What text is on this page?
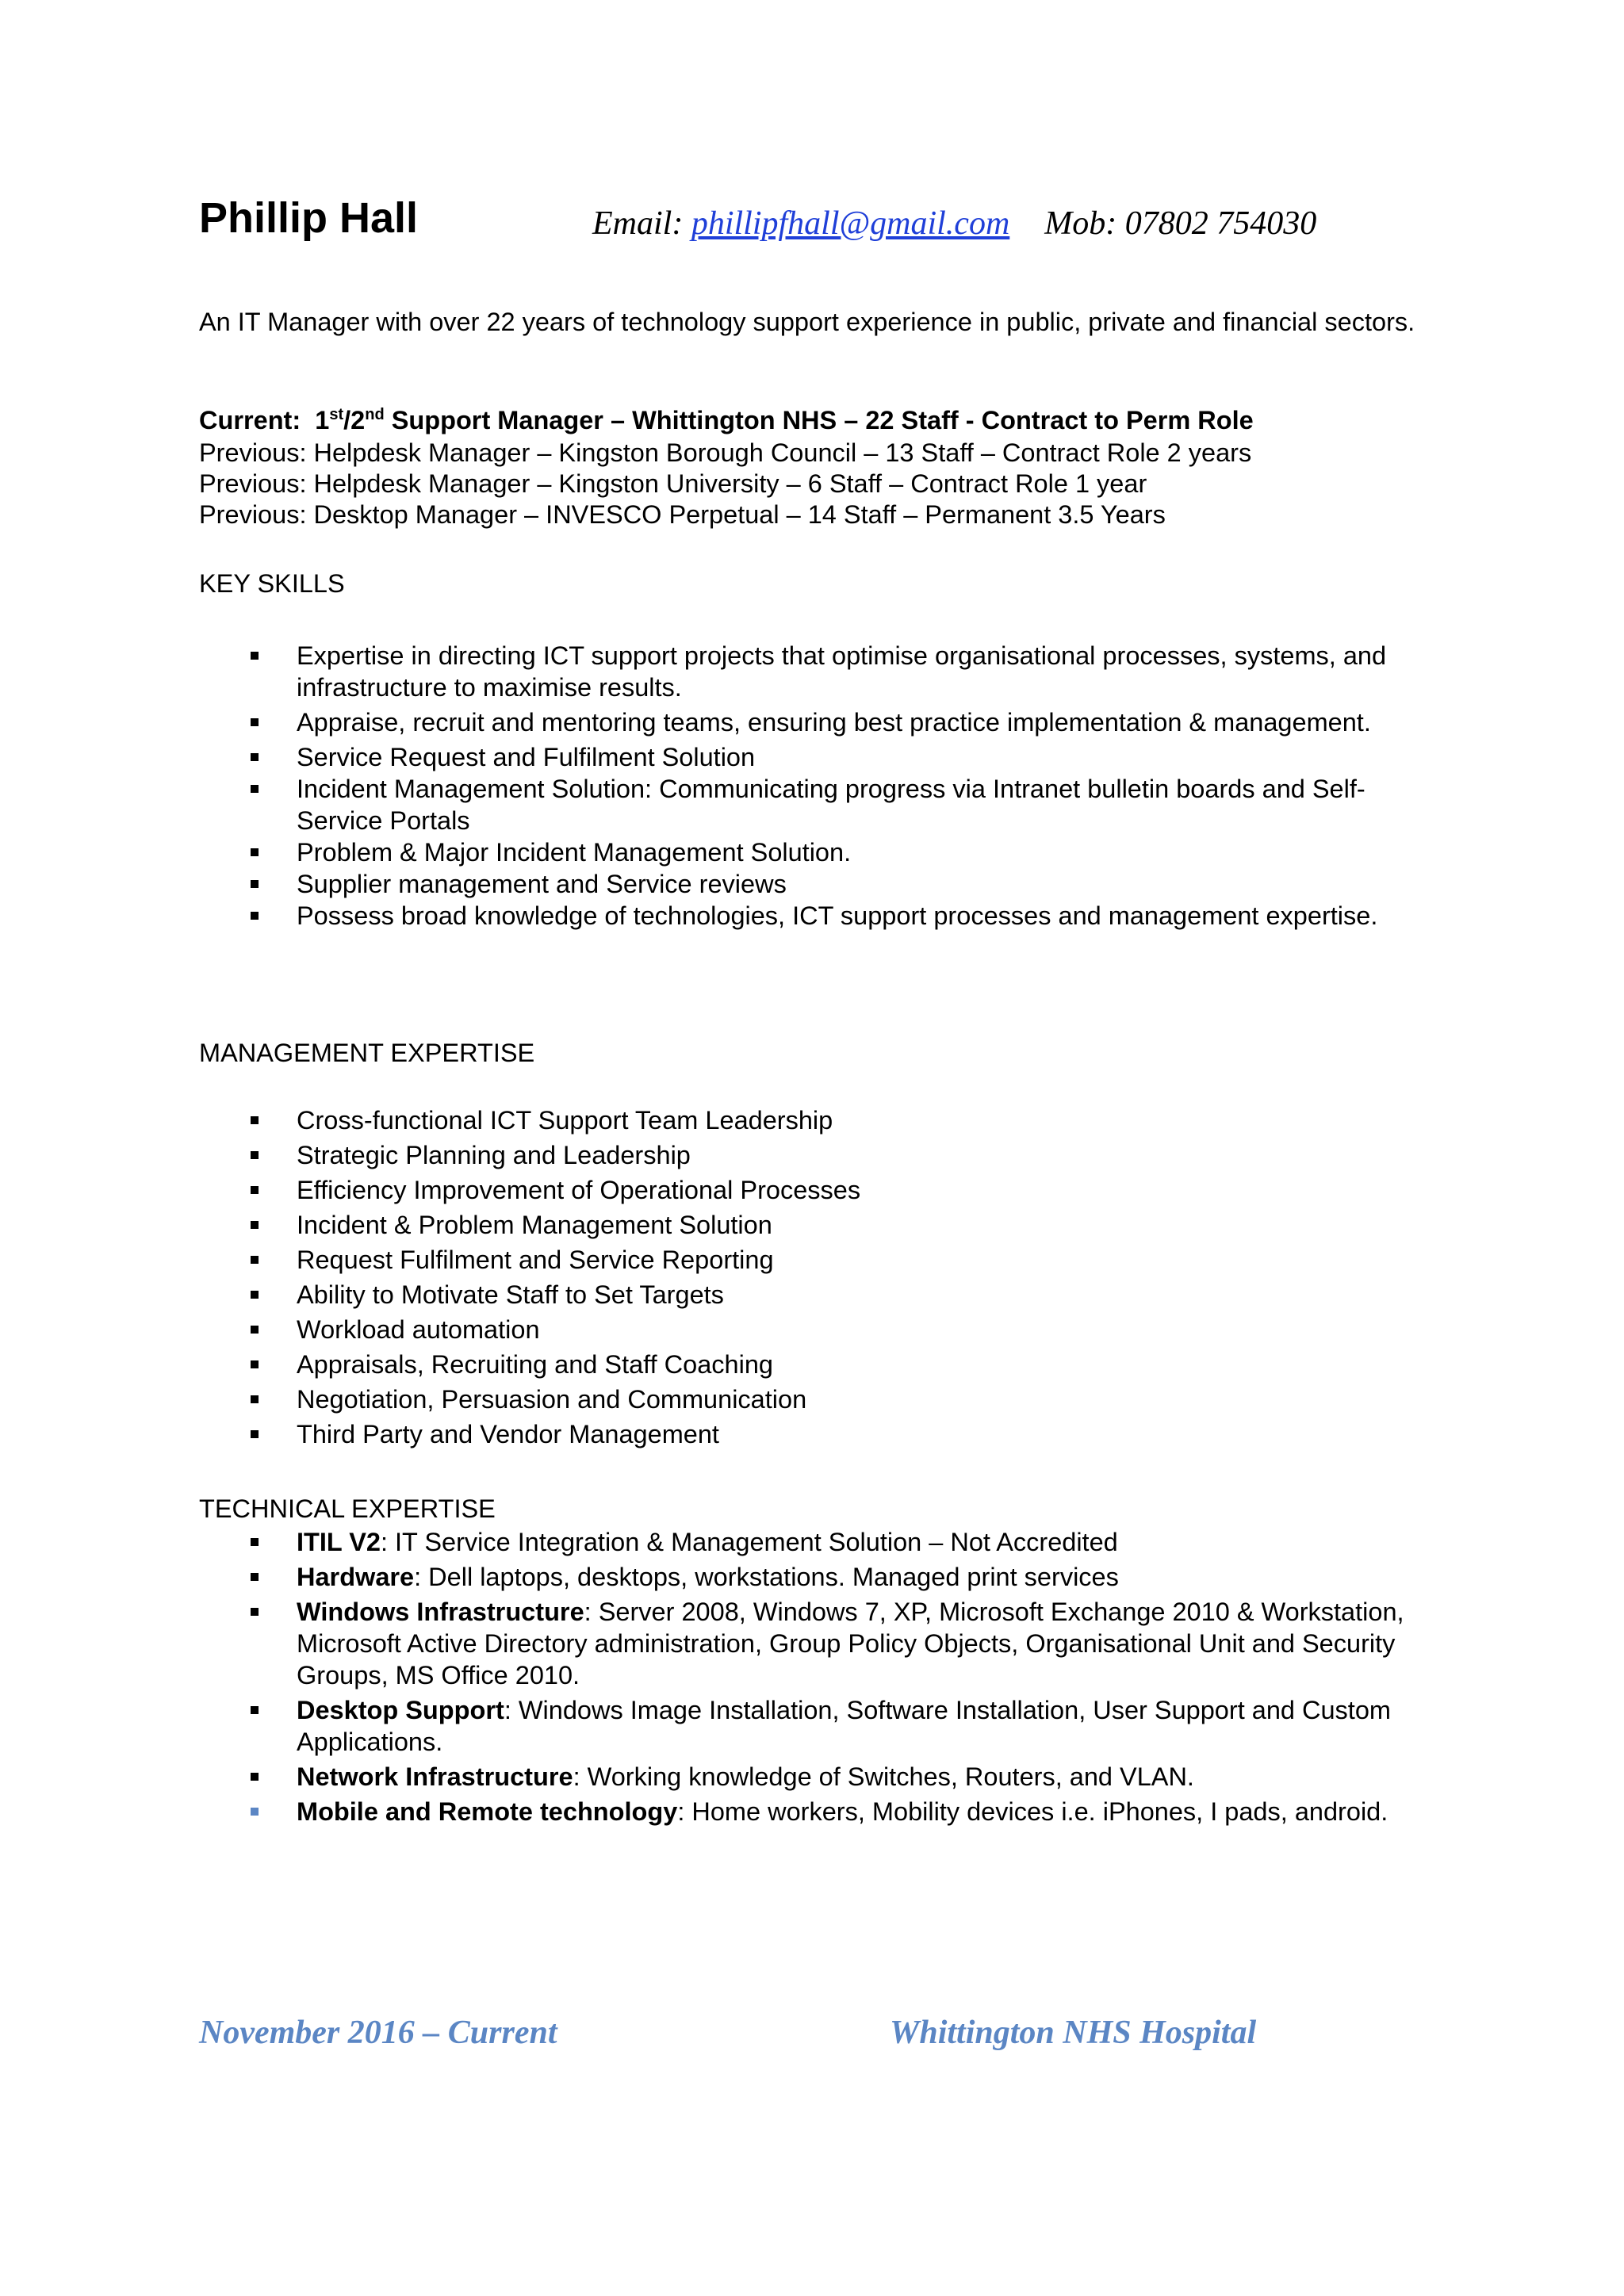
Phillip Hall	Email: phillipfhall@gmail.com Mob: 07802 754030
An IT Manager with over 22 years of technology support experience in public, private and financial sectors.
Current: 1st/2nd Support Manager – Whittington NHS – 22 Staff - Contract to Perm Role
Previous: Helpdesk Manager – Kingston Borough Council – 13 Staff – Contract Role 2 years
Previous: Helpdesk Manager – Kingston University – 6 Staff – Contract Role 1 year
Previous: Desktop Manager – INVESCO Perpetual – 14 Staff – Permanent 3.5 Years
KEY SKILLS
Expertise in directing ICT support projects that optimise organisational processes, systems, and infrastructure to maximise results.
Appraise, recruit and mentoring teams, ensuring best practice implementation & management.
Service Request and Fulfilment Solution
Incident Management Solution: Communicating progress via Intranet bulletin boards and Self-Service Portals
Problem & Major Incident Management Solution.
Supplier management and Service reviews
Possess broad knowledge of technologies, ICT support processes and management expertise.
MANAGEMENT EXPERTISE
Cross-functional ICT Support Team Leadership
Strategic Planning and Leadership
Efficiency Improvement of Operational Processes
Incident & Problem Management Solution
Request Fulfilment and Service Reporting
Ability to Motivate Staff to Set Targets
Workload automation
Appraisals, Recruiting and Staff Coaching
Negotiation, Persuasion and Communication
Third Party and Vendor Management
TECHNICAL EXPERTISE
ITIL V2: IT Service Integration & Management Solution – Not Accredited
Hardware: Dell laptops, desktops, workstations. Managed print services
Windows Infrastructure: Server 2008, Windows 7, XP, Microsoft Exchange 2010 & Workstation, Microsoft Active Directory administration, Group Policy Objects, Organisational Unit and Security Groups, MS Office 2010.
Desktop Support: Windows Image Installation, Software Installation, User Support and Custom Applications.
Network Infrastructure: Working knowledge of Switches, Routers, and VLAN.
Mobile and Remote technology: Home workers, Mobility devices i.e. iPhones, I pads, android.
November 2016 – Current	Whittington NHS Hospital
